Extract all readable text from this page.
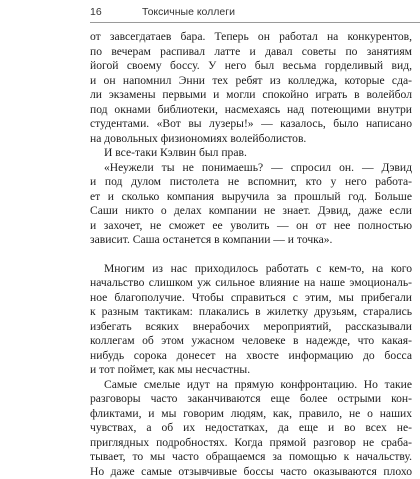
16	Токсичные коллеги
от завсегдатаев бара. Теперь он работал на конкурентов,
по вечерам распивал латте и давал советы по занятиям
йогой своему боссу. У него был весьма горделивый вид,
и он напомнил Энни тех ребят из колледжа, которые сда-
ли экзамены первыми и могли спокойно играть в волейбол
под окнами библиотеки, насмехаясь над потеющими внутри
студентами. «Вот вы лузеры!» — казалось, было написано
на довольных физиономиях волейболистов.
И все-таки Кэлвин был прав.
«Неужели ты не понимаешь? — спросил он. — Дэвид
и под дулом пистолета не вспомнит, кто у него работа-
ет и сколько компания выручила за прошлый год. Больше
Саши никто о делах компании не знает. Дэвид, даже если
и захочет, не сможет ее уволить — он от нее полностью
зависит. Саша останется в компании — и точка».
Многим из нас приходилось работать с кем-то, на кого
начальство слишком уж сильное влияние на наше эмоциональ-
ное благополучие. Чтобы справиться с этим, мы прибегали
к разным тактикам: плакались в жилетку друзьям, старались
избегать всяких внерабочих мероприятий, рассказывали
коллегам об этом ужасном человеке в надежде, что какая-
нибудь сорока донесет на хвосте информацию до босса
и тот поймет, как мы несчастны.
Самые смелые идут на прямую конфронтацию. Но такие
разговоры часто заканчиваются еще более острыми кон-
фликтами, и мы говорим людям, как, правило, не о наших
чувствах, а об их недостатках, да еще и во всех не-
приглядных подробностях. Когда прямой разговор не сраба-
тывает, то мы часто обращаемся за помощью к начальству.
Но даже самые отзывчивые боссы часто оказываются плохо
